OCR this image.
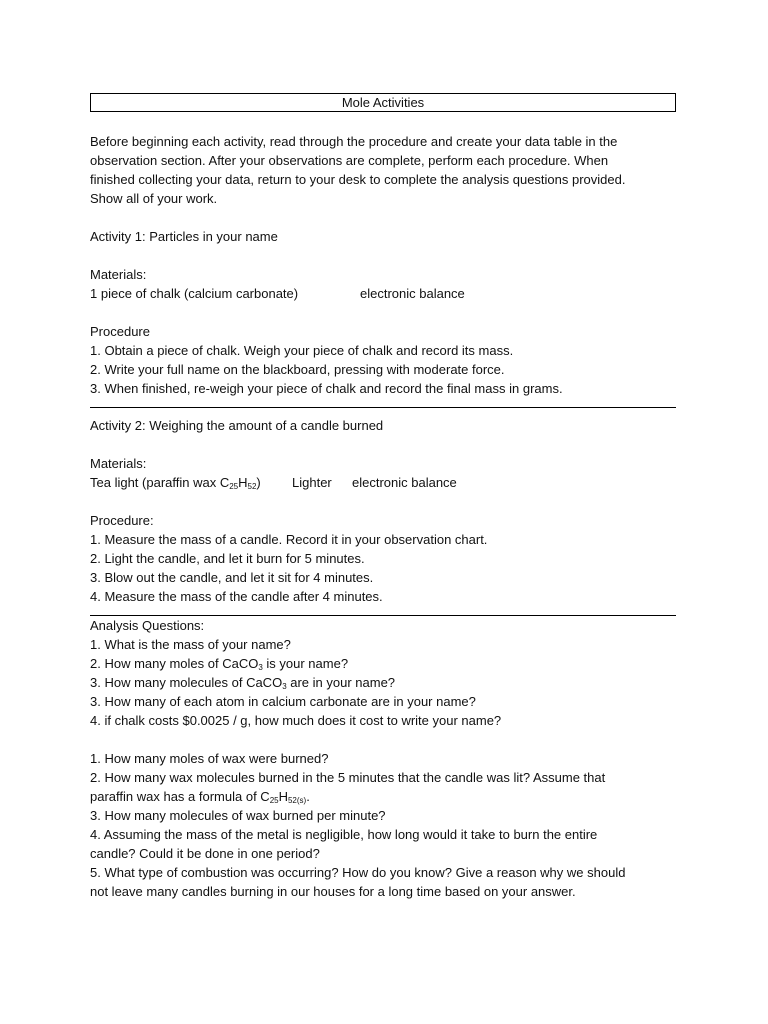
Mole Activities

Before beginning each activity, read through the procedure and create your data table in the

observation section. After your observations are complete, perform each procedure. When

finished collecting your data, return to your desk to complete the analysis questions provided.

Show all of your work.

Activity 1: Particles in your name

Materials:

1 piece of chalk (calcium carbonate)	electronic balance

Procedure

1. Obtain a piece of chalk. Weigh your piece of chalk and record its mass.

2. Write your full name on the blackboard, pressing with moderate force.

3. When finished, re-weigh your piece of chalk and record the final mass in grams.

Activity 2: Weighing the amount of a candle burned

Materials:

Tea light (paraffin wax $C_{25}H_{52}$) Lighter electronic balance

Procedure:

1. Measure the mass of a candle. Record it in your observation chart.

2. Light the candle, and let it burn for 5 minutes.

3. Blow out the candle, and let it sit for 4 minutes.

4. Measure the mass of the candle after 4 minutes.

Analysis Questions:

1. What is the mass of your name?

2. How many moles of CaCO$_3$ is your name?

3. How many molecules of CaCO$_3$ are in your name?

3. How many of each atom in calcium carbonate are in your name?

4. if chalk costs $0.0025 / g, how much does it cost to write your name?

1. How many moles of wax were burned?

2. How many wax molecules burned in the 5 minutes that the candle was lit? Assume that

paraffin wax has a formula of $C_{25}H_{52(s)}$.

3. How many molecules of wax burned per minute?

4. Assuming the mass of the metal is negligible, how long would it take to burn the entire

candle? Could it be done in one period?

5. What type of combustion was occurring? How do you know? Give a reason why we should

not leave many candles burning in our houses for a long time based on your answer.
